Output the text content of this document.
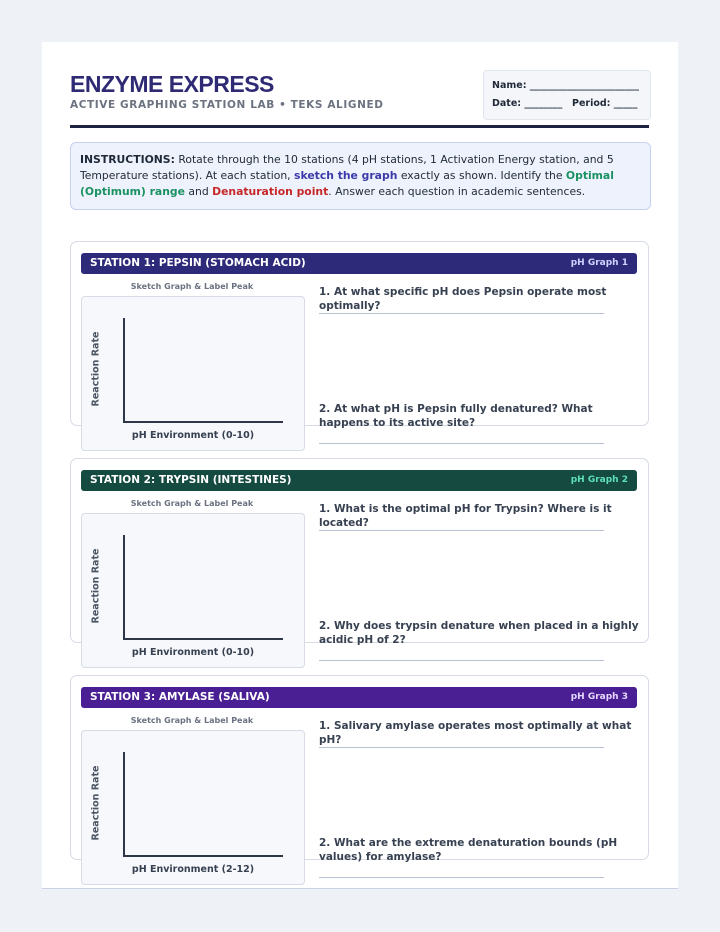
ENZYME EXPRESS
ACTIVE GRAPHING STATION LAB • TEKS ALIGNED
Name: _______________________
Date: ________ Period: _____
INSTRUCTIONS: Rotate through the 10 stations (4 pH stations, 1 Activation Energy station, and 5 Temperature stations). At each station, sketch the graph exactly as shown. Identify the Optimal (Optimum) range and Denaturation point. Answer each question in academic sentences.
STATION 1: PEPSIN (STOMACH ACID)	pH Graph 1
Sketch Graph & Label Peak
Reaction Rate
pH Environment (0-10)
1. At what specific pH does Pepsin operate most optimally?
2. At what pH is Pepsin fully denatured? What happens to its active site?
STATION 2: TRYPSIN (INTESTINES)	pH Graph 2
Sketch Graph & Label Peak
Reaction Rate
pH Environment (0-10)
1. What is the optimal pH for Trypsin? Where is it located?
2. Why does trypsin denature when placed in a highly acidic pH of 2?
STATION 3: AMYLASE (SALIVA)	pH Graph 3
Sketch Graph & Label Peak
Reaction Rate
pH Environment (2-12)
1. Salivary amylase operates most optimally at what pH?
2. What are the extreme denaturation bounds (pH values) for amylase?
